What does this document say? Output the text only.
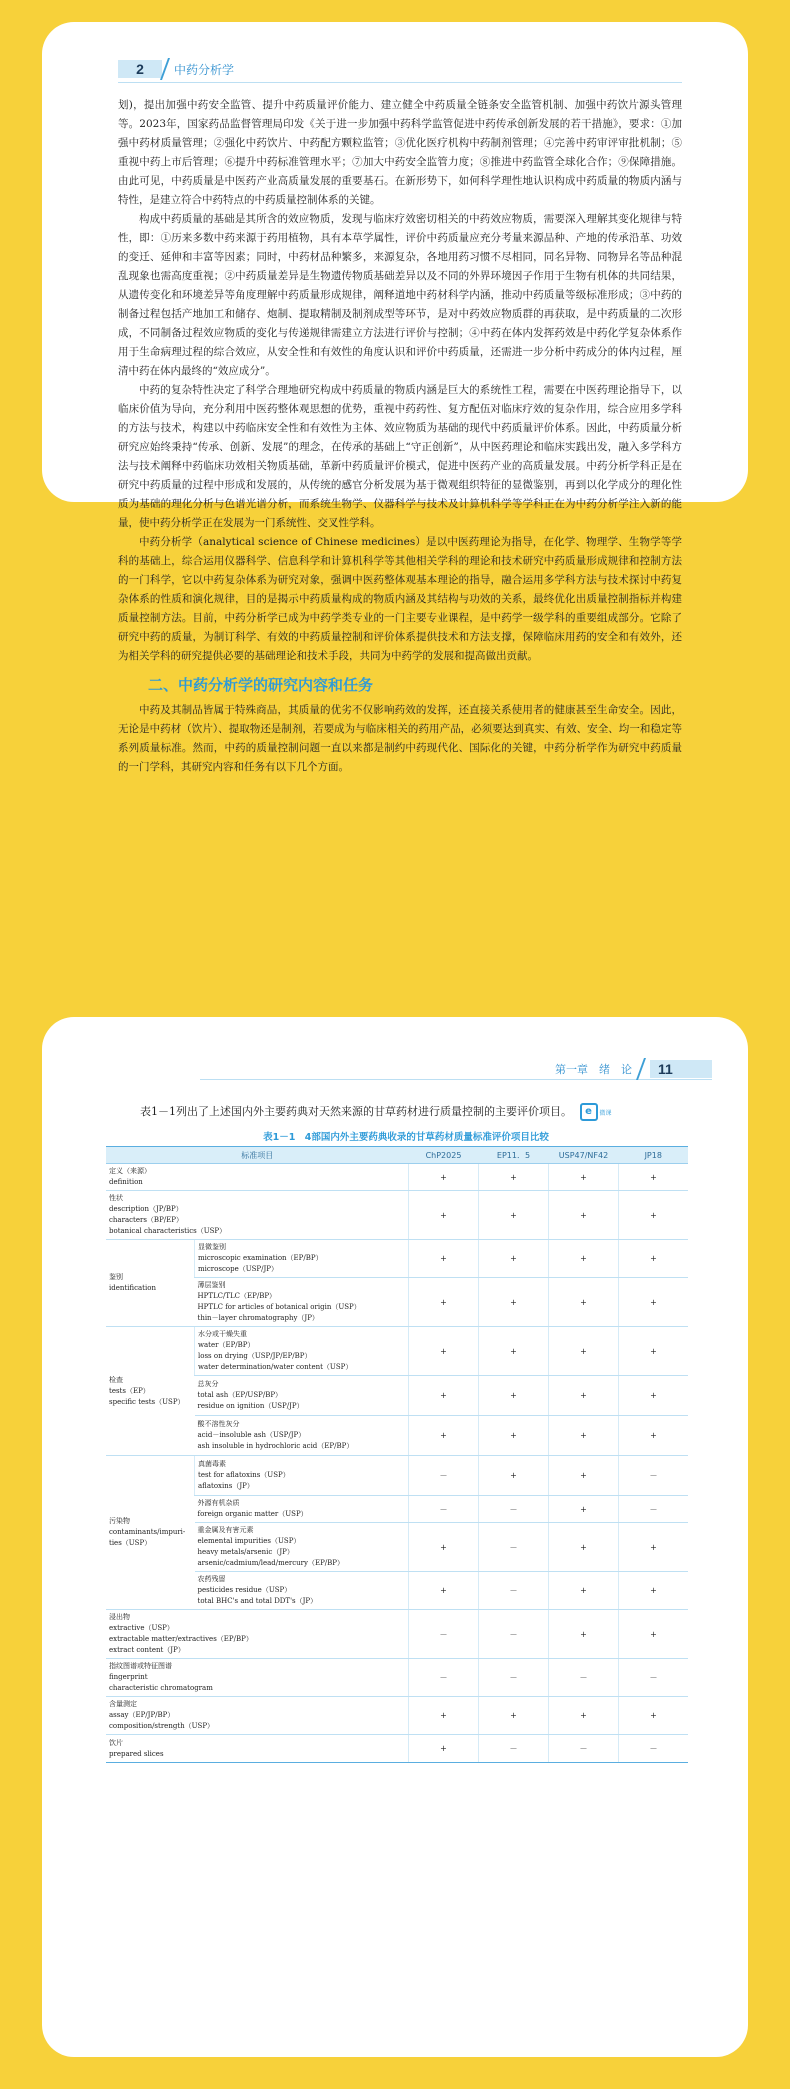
2	中药分析学

划)，提出加强中药安全监管、提升中药质量评价能力、建立健全中药质量全链条安全监管机制、加强中药饮片源头管理等。2023年，国家药品监督管理局印发《关于进一步加强中药科学监管促进中药传承创新发展的若干措施》，要求：①加强中药材质量管理；②强化中药饮片、中药配方颗粒监管；③优化医疗机构中药制剂管理；④完善中药审评审批机制；⑤重视中药上市后管理；⑥提升中药标准管理水平；⑦加大中药安全监管力度；⑧推进中药监管全球化合作；⑨保障措施。由此可见，中药质量是中医药产业高质量发展的重要基石。在新形势下，如何科学理性地认识构成中药质量的物质内涵与特性，是建立符合中药特点的中药质量控制体系的关键。

构成中药质量的基础是其所含的效应物质，发现与临床疗效密切相关的中药效应物质，需要深入理解其变化规律与特性，即：①历来多数中药来源于药用植物，具有本草学属性，评价中药质量应充分考量来源品种、产地的传承沿革、功效的变迁、延伸和丰富等因素；同时，中药材品种繁多，来源复杂，各地用药习惯不尽相同，同名异物、同物异名等品种混乱现象也需高度重视；②中药质量差异是生物遗传物质基础差异以及不同的外界环境因子作用于生物有机体的共同结果，从遗传变化和环境差异等角度理解中药质量形成规律，阐释道地中药材科学内涵，推动中药质量等级标准形成；③中药的制备过程包括产地加工和储存、炮制、提取精制及制剂成型等环节，是对中药效应物质群的再获取，是中药质量的二次形成，不同制备过程效应物质的变化与传递规律需建立方法进行评价与控制；④中药在体内发挥药效是中药化学复杂体系作用于生命病理过程的综合效应，从安全性和有效性的角度认识和评价中药质量，还需进一步分析中药成分的体内过程，厘清中药在体内最终的“效应成分”。

中药的复杂特性决定了科学合理地研究构成中药质量的物质内涵是巨大的系统性工程，需要在中医药理论指导下，以临床价值为导向，充分利用中医药整体观思想的优势，重视中药药性、复方配伍对临床疗效的复杂作用，综合应用多学科的方法与技术，构建以中药临床安全性和有效性为主体、效应物质为基础的现代中药质量评价体系。因此，中药质量分析研究应始终秉持“传承、创新、发展”的理念，在传承的基础上“守正创新”，从中医药理论和临床实践出发，融入多学科方法与技术阐释中药临床功效相关物质基础，革新中药质量评价模式，促进中医药产业的高质量发展。中药分析学科正是在研究中药质量的过程中形成和发展的，从传统的感官分析发展为基于微观组织特征的显微鉴别，再到以化学成分的理化性质为基础的理化分析与色谱光谱分析，而系统生物学、仪器科学与技术及计算机科学等学科正在为中药分析学注入新的能量，使中药分析学正在发展为一门系统性、交叉性学科。

中药分析学（analytical science of Chinese medicines）是以中医药理论为指导，在化学、物理学、生物学等学科的基础上，综合运用仪器科学、信息科学和计算机科学等其他相关学科的理论和技术研究中药质量形成规律和控制方法的一门科学，它以中药复杂体系为研究对象，强调中医药整体观基本理论的指导，融合运用多学科方法与技术探讨中药复杂体系的性质和演化规律，目的是揭示中药质量构成的物质内涵及其结构与功效的关系，最终优化出质量控制指标并构建质量控制方法。目前，中药分析学已成为中药学类专业的一门主要专业课程，是中药学一级学科的重要组成部分。它除了研究中药的质量，为制订科学、有效的中药质量控制和评价体系提供技术和方法支撑，保障临床用药的安全和有效外，还为相关学科的研究提供必要的基础理论和技术手段，共同为中药学的发展和提高做出贡献。

二、中药分析学的研究内容和任务

中药及其制品皆属于特殊商品，其质量的优劣不仅影响药效的发挥，还直接关系使用者的健康甚至生命安全。因此，无论是中药材（饮片）、提取物还是制剂，若要成为与临床相关的药用产品，必须要达到真实、有效、安全、均一和稳定等系列质量标准。然而，中药的质量控制问题一直以来都是制约中药现代化、国际化的关键，中药分析学作为研究中药质量的一门学科，其研究内容和任务有以下几个方面。

第一章　绪　论	11
表1－1列出了上述国内外主要药典对天然来源的甘草药材进行质量控制的主要评价项目。 e 微课
表1－1　4部国内外主要药典收录的甘草药材质量标准评价项目比较
标准项目		ChP2025	EP11．5	USP47/NF42	JP18

定义（来源）
definition		+	+	+	+

性状
description（JP/BP）
characters（BP/EP）
botanical characteristics（USP）		+	+	+	+

鉴别
identification	显微鉴别
microscopic examination（EP/BP）
microscope（USP/JP）	+	+	+	+

	薄层鉴别
HPTLC/TLC（EP/BP）
HPTLC for articles of botanical origin（USP）
thin－layer chromatography（JP）	+	+	+	+

检查
tests（EP）
specific tests（USP）	水分或干燥失重
water（EP/BP）
loss on drying（USP/JP/EP/BP）
water determination/water content（USP）	+	+	+	+

	总灰分
total ash（EP/USP/BP）
residue on ignition（USP/JP）	+	+	+	+

	酸不溶性灰分
acid－insoluble ash（USP/JP）
ash insoluble in hydrochloric acid（EP/BP）	+	+	+	+

污染物
contaminants/impuri-
ties（USP）	真菌毒素
test for aflatoxins（USP）
aflatoxins（JP）	－	+	+	－

	外源有机杂质
foreign organic matter（USP）	－	－	+	－

	重金属及有害元素
elemental impurities（USP）
heavy metals/arsenic（JP）
arsenic/cadmium/lead/mercury（EP/BP）	+	－	+	+

	农药残留
pesticides residue（USP）
total BHC's and total DDT's（JP）	+	－	+	+

浸出物
extractive（USP）
extractable matter/extractives（EP/BP）
extract content（JP）		－	－	+	+

指纹图谱或特征图谱
fingerprint
characteristic chromatogram		－	－	－	－

含量测定
assay（EP/JP/BP）
composition/strength（USP）		+	+	+	+

饮片
prepared slices		+	－	－	－
